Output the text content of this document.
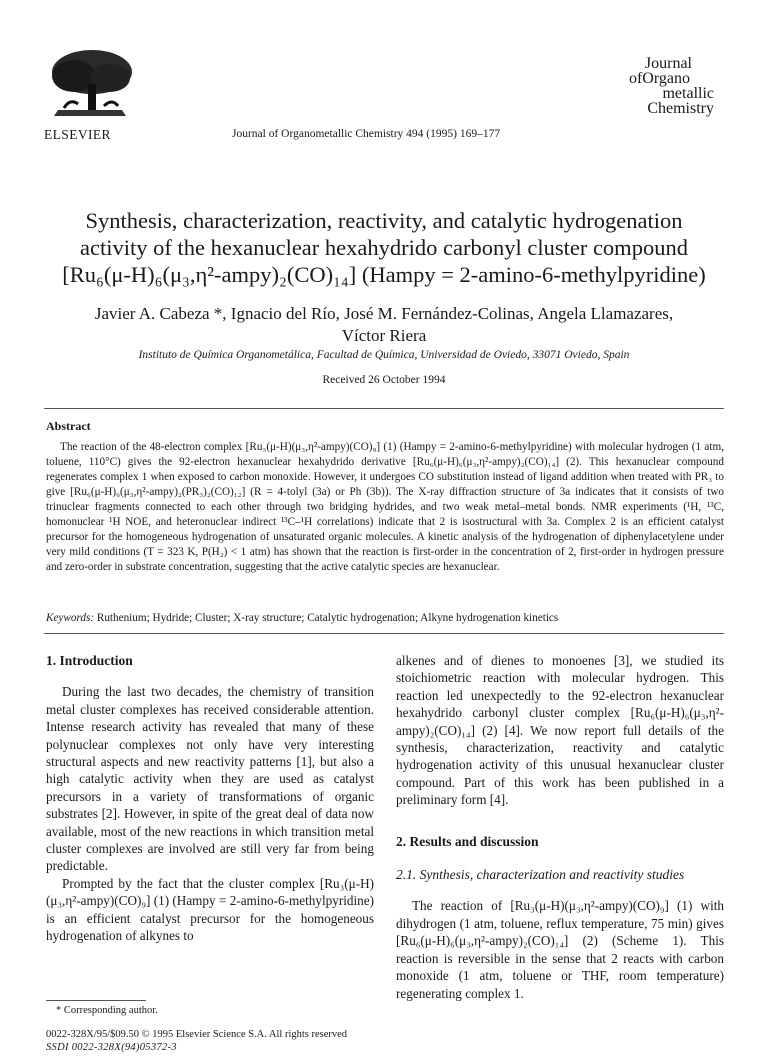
ELSEVIER	Journal of Organometallic Chemistry 494 (1995) 169–177
Journal
ofOrgano
metallic
Chemistry
Synthesis, characterization, reactivity, and catalytic hydrogenation
activity of the hexanuclear hexahydrido carbonyl cluster compound
[Ru₆(μ-H)₆(μ₃,η²-ampy)₂(CO)₁₄] (Hampy = 2-amino-6-methylpyridine)
Javier A. Cabeza *, Ignacio del Río, José M. Fernández-Colinas, Angela Llamazares,
Víctor Riera
Instituto de Química Organometálica, Facultad de Química, Universidad de Oviedo, 33071 Oviedo, Spain
Received 26 October 1994
Abstract
The reaction of the 48-electron complex [Ru₃(μ-H)(μ₃,η²-ampy)(CO)₉] (1) (Hampy = 2-amino-6-methylpyridine) with molecular hydrogen (1 atm, toluene, 110°C) gives the 92-electron hexanuclear hexahydrido derivative [Ru₆(μ-H)₆(μ₃,η²-ampy)₂(CO)₁₄] (2). This hexanuclear compound regenerates complex 1 when exposed to carbon monoxide. However, it undergoes CO substitution instead of ligand addition when treated with PR₃ to give [Ru₆(μ-H)₆(μ₃,η²-ampy)₂(PR₃)₂(CO)₁₂] (R = 4-tolyl (3a) or Ph (3b)). The X-ray diffraction structure of 3a indicates that it consists of two trinuclear fragments connected to each other through two bridging hydrides, and two weak metal–metal bonds. NMR experiments (¹H, ¹³C, homonuclear ¹H NOE, and heteronuclear indirect ¹³C–¹H correlations) indicate that 2 is isostructural with 3a. Complex 2 is an efficient catalyst precursor for the homogeneous hydrogenation of unsaturated organic molecules. A kinetic analysis of the hydrogenation of diphenylacetylene under very mild conditions (T = 323 K, P(H₂) < 1 atm) has shown that the reaction is first-order in the concentration of 2, first-order in hydrogen pressure and zero-order in substrate concentration, suggesting that the active catalytic species are hexanuclear.
Keywords: Ruthenium; Hydride; Cluster; X-ray structure; Catalytic hydrogenation; Alkyne hydrogenation kinetics
1. Introduction

During the last two decades, the chemistry of transition metal cluster complexes has received considerable attention. Intense research activity has revealed that many of these polynuclear complexes not only have very interesting structural aspects and new reactivity patterns [1], but also a high catalytic activity when they are used as catalyst precursors in a variety of transformations of organic substrates [2]. However, in spite of the great deal of data now available, most of the new reactions in which transition metal cluster complexes are involved are still very far from being predictable.

Prompted by the fact that the cluster complex [Ru₃(μ-H)(μ₃,η²-ampy)(CO)₉] (1) (Hampy = 2-amino-6-methylpyridine) is an efficient catalyst precursor for the homogeneous hydrogenation of alkynes to

alkenes and of dienes to monoenes [3], we studied its stoichiometric reaction with molecular hydrogen. This reaction led unexpectedly to the 92-electron hexanuclear hexahydrido carbonyl cluster complex [Ru₆(μ-H)₆(μ₃,η²-ampy)₂(CO)₁₄] (2) [4]. We now report full details of the synthesis, characterization, reactivity and catalytic hydrogenation activity of this unusual hexanuclear cluster compound. Part of this work has been published in a preliminary form [4].

2. Results and discussion
2.1. Synthesis, characterization and reactivity studies

The reaction of [Ru₃(μ-H)(μ₃,η²-ampy)(CO)₉] (1) with dihydrogen (1 atm, toluene, reflux temperature, 75 min) gives [Ru₆(μ-H)₆(μ₃,η²-ampy)₂(CO)₁₄] (2) (Scheme 1). This reaction is reversible in the sense that 2 reacts with carbon monoxide (1 atm, toluene or THF, room temperature) regenerating complex 1.

* Corresponding author.
0022-328X/95/$09.50 © 1995 Elsevier Science S.A. All rights reserved
SSDI 0022-328X(94)05372-3
